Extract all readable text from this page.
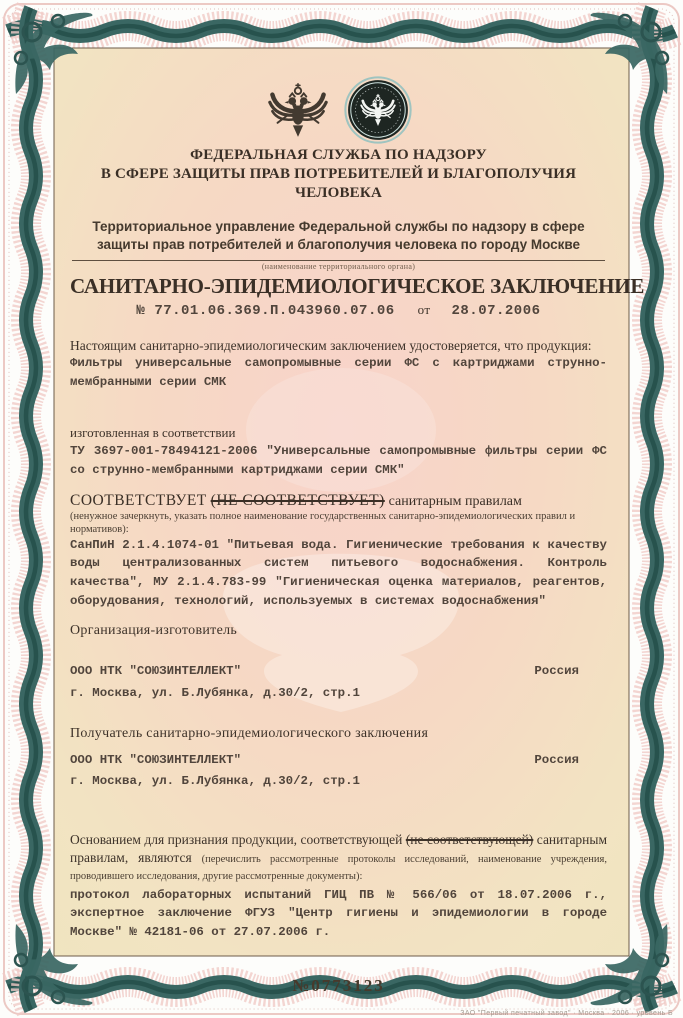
ФЕДЕРАЛЬНАЯ СЛУЖБА ПО НАДЗОРУ
В СФЕРЕ ЗАЩИТЫ ПРАВ ПОТРЕБИТЕЛЕЙ И БЛАГОПОЛУЧИЯ ЧЕЛОВЕКА
Территориальное управление Федеральной службы по надзору в сфере защиты прав потребителей и благополучия человека по городу Москве
(наименование территориального органа)
САНИТАРНО-ЭПИДЕМИОЛОГИЧЕСКОЕ ЗАКЛЮЧЕНИЕ
№ 77.01.06.369.П.043960.07.06 от 28.07.2006
Настоящим санитарно-эпидемиологическим заключением удостоверяется, что продукция:
Фильтры универсальные самопромывные серии ФС с картриджами струнно-мембранными серии СМК
изготовленная в соответствии
ТУ 3697-001-78494121-2006 "Универсальные самопромывные фильтры серии ФС со струнно-мембранными картриджами серии СМК"
СООТВЕТСТВУЕТ (НЕ СООТВЕТСТВУЕТ) санитарным правилам
(ненужное зачеркнуть, указать полное наименование государственных санитарно-эпидемиологических правил и нормативов):
СанПиН 2.1.4.1074-01 "Питьевая вода. Гигиенические требования к качеству воды централизованных систем питьевого водоснабжения. Контроль качества", МУ 2.1.4.783-99 "Гигиеническая оценка материалов, реагентов, оборудования, технологий, используемых в системах водоснабжения"
Организация-изготовитель
ООО НТК "СОЮЗИНТЕЛЛЕКТ"	Россия
г. Москва, ул. Б.Лубянка, д.30/2, стр.1
Получатель санитарно-эпидемиологического заключения
ООО НТК "СОЮЗИНТЕЛЛЕКТ"	Россия
г. Москва, ул. Б.Лубянка, д.30/2, стр.1
Основанием для признания продукции, соответствующей (не соответствующей) санитарным правилам, являются (перечислить рассмотренные протоколы исследований, наименование учреждения, проводившего исследования, другие рассмотренные документы):
протокол лабораторных испытаний ГИЦ ПВ № 566/06 от 18.07.2006 г., экспертное заключение ФГУЗ "Центр гигиены и эпидемиологии в городе Москве" № 42181-06 от 27.07.2006 г.
№0773123
ЗАО "Первый печатный завод" · Москва · 2006 · уровень Б
